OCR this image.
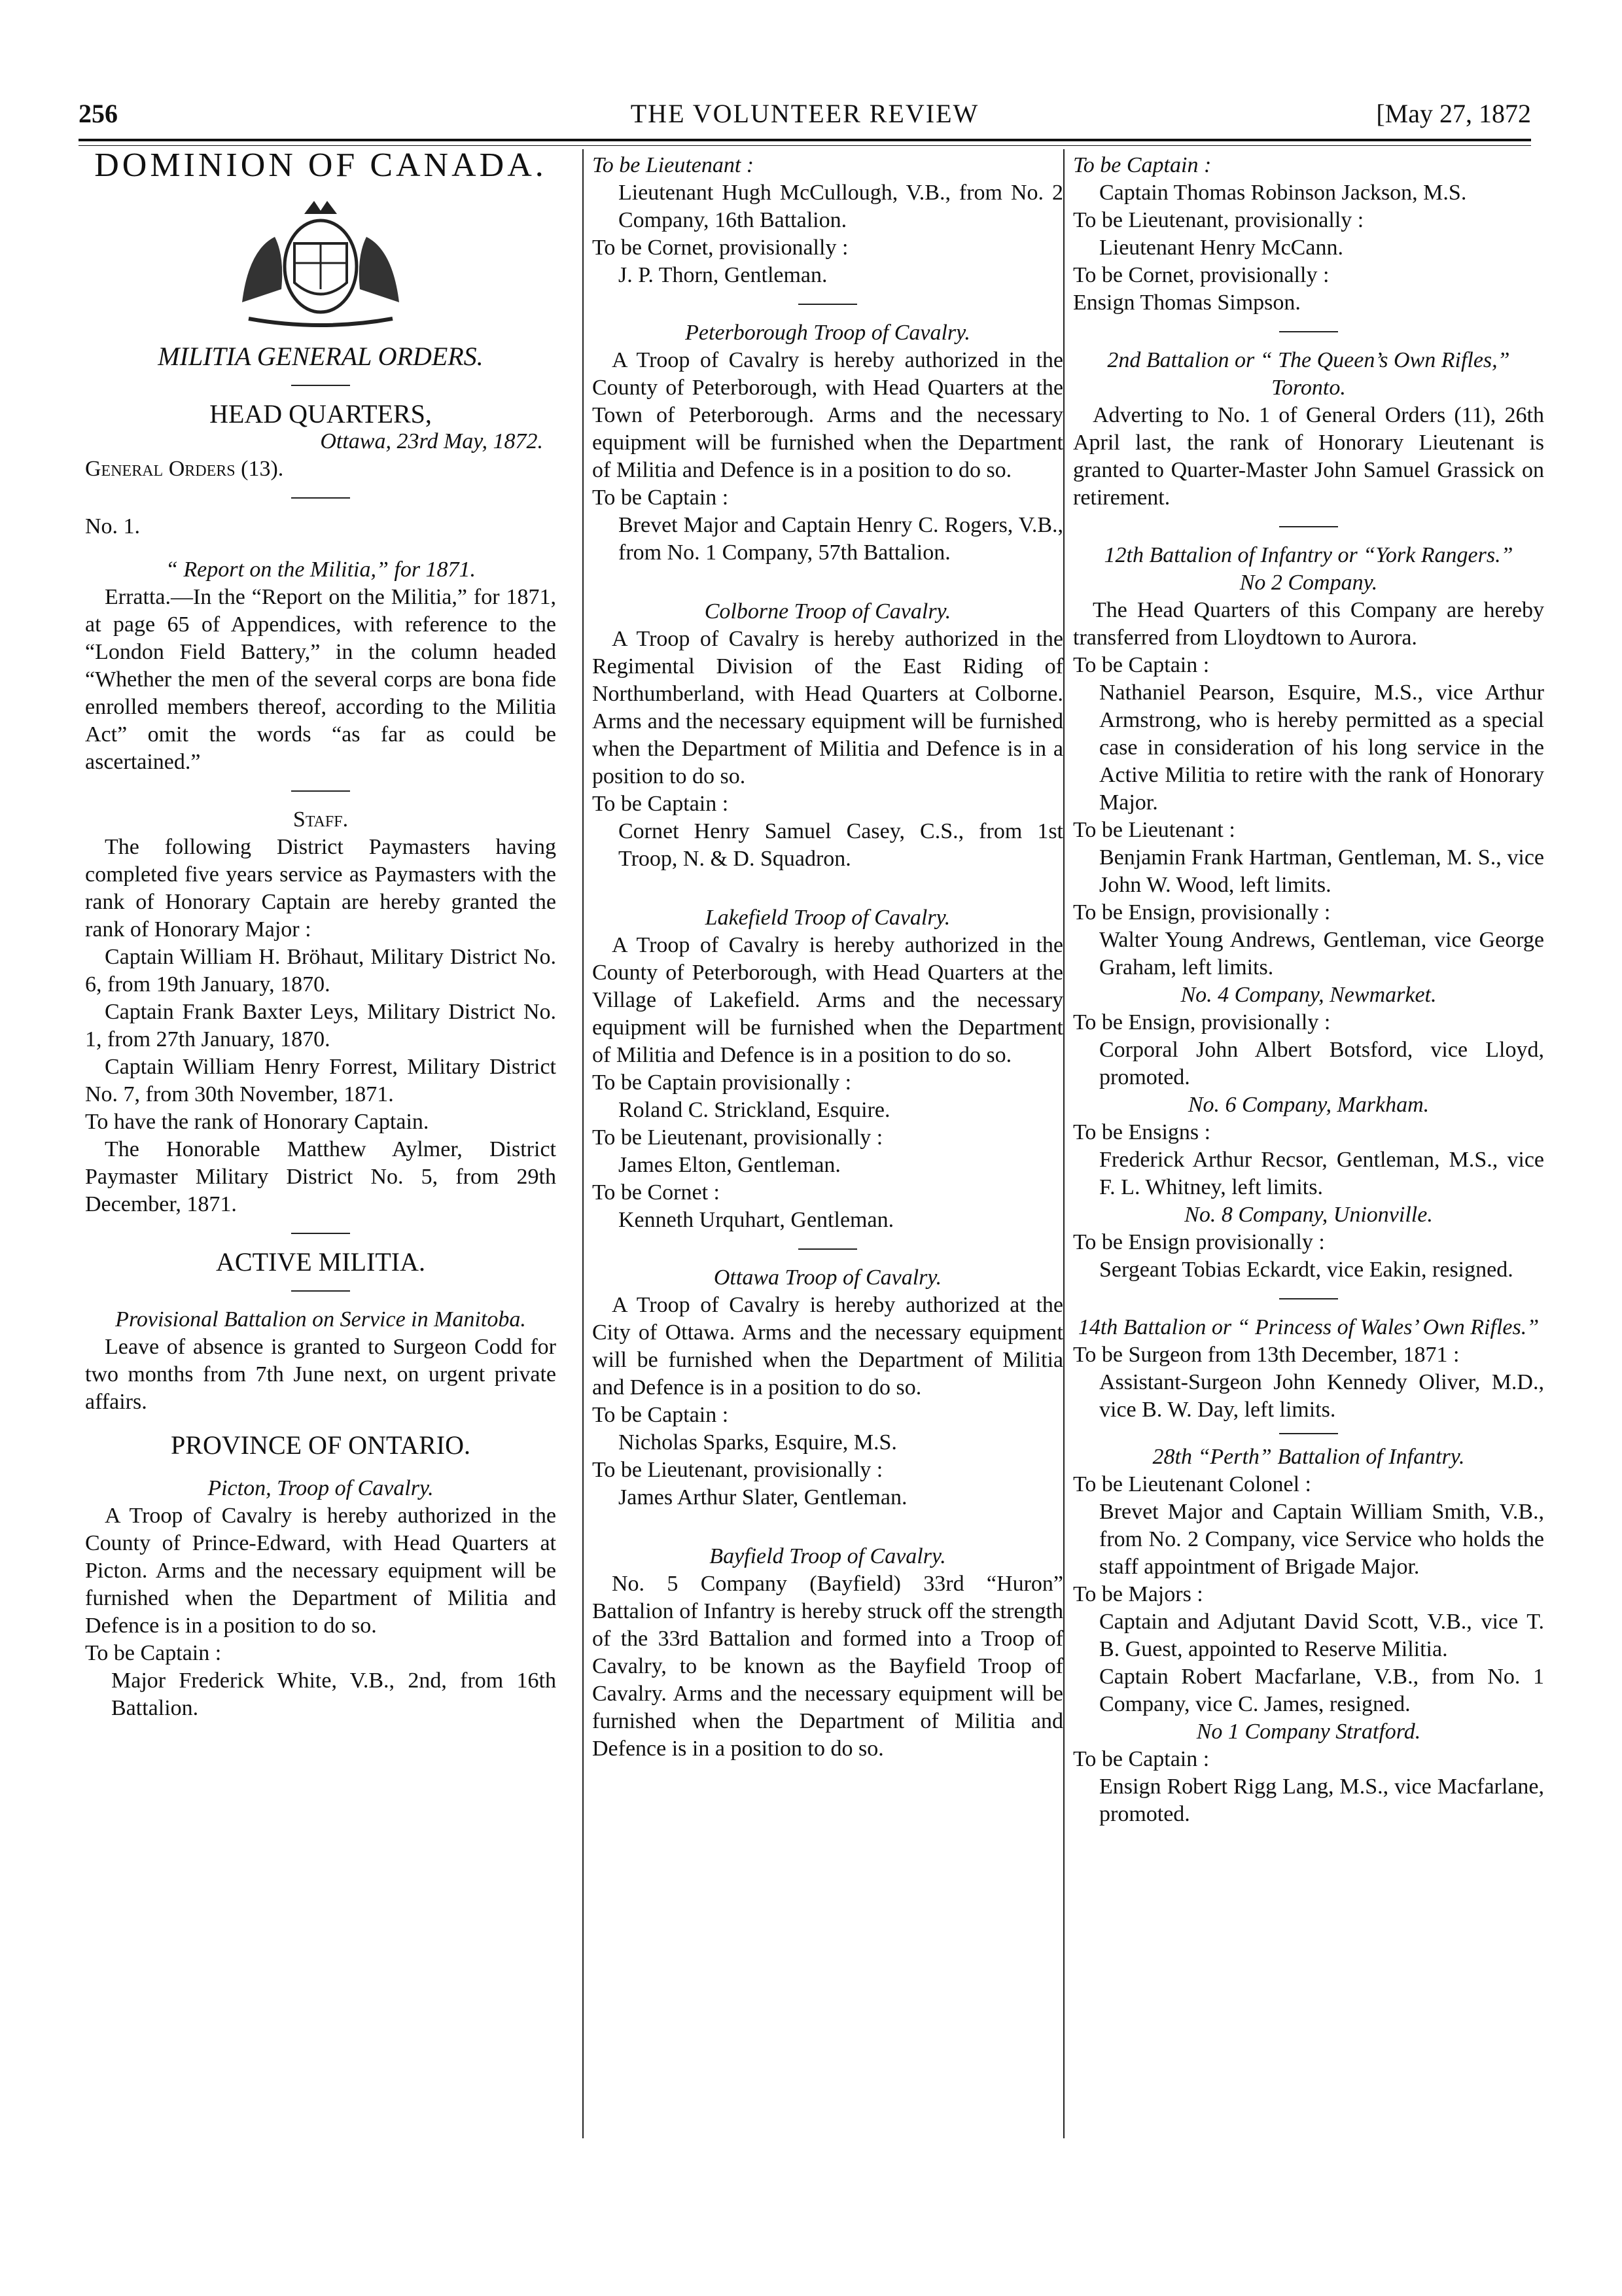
256	THE VOLUNTEER REVIEW	[May 27, 1872
DOMINION OF CANADA.
MILITIA GENERAL ORDERS.
HEAD QUARTERS,
Ottawa, 23rd May, 1872.
General Orders (13).
No. 1.
“ Report on the Militia,” for 1871.

Erratta.—In the “Report on the Militia,” for 1871, at page 65 of Appendices, with reference to the “London Field Battery,” in the column headed “Whether the men of the several corps are bona fide enrolled members thereof, according to the Militia Act” omit the words “as far as could be ascertained.”

Staff.

The following District Paymasters having completed five years service as Paymasters with the rank of Honorary Captain are hereby granted the rank of Honorary Major :

Captain William H. Bröhaut, Military District No. 6, from 19th January, 1870.

Captain Frank Baxter Leys, Military District No. 1, from 27th January, 1870.

Captain William Henry Forrest, Military District No. 7, from 30th November, 1871.

To have the rank of Honorary Captain.

The Honorable Matthew Aylmer, District Paymaster Military District No. 5, from 29th December, 1871.

ACTIVE MILITIA.
Provisional Battalion on Service in Manitoba.

Leave of absence is granted to Surgeon Codd for two months from 7th June next, on urgent private affairs.

PROVINCE OF ONTARIO.
Picton, Troop of Cavalry.

A Troop of Cavalry is hereby authorized in the County of Prince-Edward, with Head Quarters at Picton. Arms and the necessary equipment will be furnished when the Department of Militia and Defence is in a position to do so.

To be Captain :

Major Frederick White, V.B., 2nd, from 16th Battalion.

To be Lieutenant :

Lieutenant Hugh McCullough, V.B., from No. 2 Company, 16th Battalion.

To be Cornet, provisionally :

J. P. Thorn, Gentleman.

Peterborough Troop of Cavalry.

A Troop of Cavalry is hereby authorized in the County of Peterborough, with Head Quarters at the Town of Peterborough. Arms and the necessary equipment will be furnished when the Department of Militia and Defence is in a position to do so.

To be Captain :

Brevet Major and Captain Henry C. Rogers, V.B., from No. 1 Company, 57th Battalion.

Colborne Troop of Cavalry.

A Troop of Cavalry is hereby authorized in the Regimental Division of the East Riding of Northumberland, with Head Quarters at Colborne. Arms and the necessary equipment will be furnished when the Department of Militia and Defence is in a position to do so.

To be Captain :

Cornet Henry Samuel Casey, C.S., from 1st Troop, N. & D. Squadron.

Lakefield Troop of Cavalry.

A Troop of Cavalry is hereby authorized in the County of Peterborough, with Head Quarters at the Village of Lakefield. Arms and the necessary equipment will be furnished when the Department of Militia and Defence is in a position to do so.

To be Captain provisionally :

Roland C. Strickland, Esquire.

To be Lieutenant, provisionally :

James Elton, Gentleman.

To be Cornet :

Kenneth Urquhart, Gentleman.

Ottawa Troop of Cavalry.

A Troop of Cavalry is hereby authorized at the City of Ottawa. Arms and the necessary equipment will be furnished when the Department of Militia and Defence is in a position to do so.

To be Captain :

Nicholas Sparks, Esquire, M.S.

To be Lieutenant, provisionally :

James Arthur Slater, Gentleman.

Bayfield Troop of Cavalry.

No. 5 Company (Bayfield) 33rd “Huron” Battalion of Infantry is hereby struck off the strength of the 33rd Battalion and formed into a Troop of Cavalry, to be known as the Bayfield Troop of Cavalry. Arms and the necessary equipment will be furnished when the Department of Militia and Defence is in a position to do so.

To be Captain :

Captain Thomas Robinson Jackson, M.S.

To be Lieutenant, provisionally :

Lieutenant Henry McCann.

To be Cornet, provisionally :

Ensign Thomas Simpson.

2nd Battalion or “ The Queen’s Own Rifles,” Toronto.

Adverting to No. 1 of General Orders (11), 26th April last, the rank of Honorary Lieutenant is granted to Quarter-Master John Samuel Grassick on retirement.

12th Battalion of Infantry or “York Rangers.”
No 2 Company.

The Head Quarters of this Company are hereby transferred from Lloydtown to Aurora.

To be Captain :

Nathaniel Pearson, Esquire, M.S., vice Arthur Armstrong, who is hereby permitted as a special case in consideration of his long service in the Active Militia to retire with the rank of Honorary Major.

To be Lieutenant :

Benjamin Frank Hartman, Gentleman, M. S., vice John W. Wood, left limits.

To be Ensign, provisionally :

Walter Young Andrews, Gentleman, vice George Graham, left limits.

No. 4 Company, Newmarket.

To be Ensign, provisionally :

Corporal John Albert Botsford, vice Lloyd, promoted.

No. 6 Company, Markham.

To be Ensigns :

Frederick Arthur Recsor, Gentleman, M.S., vice F. L. Whitney, left limits.

No. 8 Company, Unionville.

To be Ensign provisionally :

Sergeant Tobias Eckardt, vice Eakin, resigned.

14th Battalion or “ Princess of Wales’ Own Rifles.”

To be Surgeon from 13th December, 1871 :

Assistant-Surgeon John Kennedy Oliver, M.D., vice B. W. Day, left limits.

28th “Perth” Battalion of Infantry.

To be Lieutenant Colonel :

Brevet Major and Captain William Smith, V.B., from No. 2 Company, vice Service who holds the staff appointment of Brigade Major.

To be Majors :

Captain and Adjutant David Scott, V.B., vice T. B. Guest, appointed to Reserve Militia.

Captain Robert Macfarlane, V.B., from No. 1 Company, vice C. James, resigned.

No 1 Company Stratford.

To be Captain :

Ensign Robert Rigg Lang, M.S., vice Macfarlane, promoted.
